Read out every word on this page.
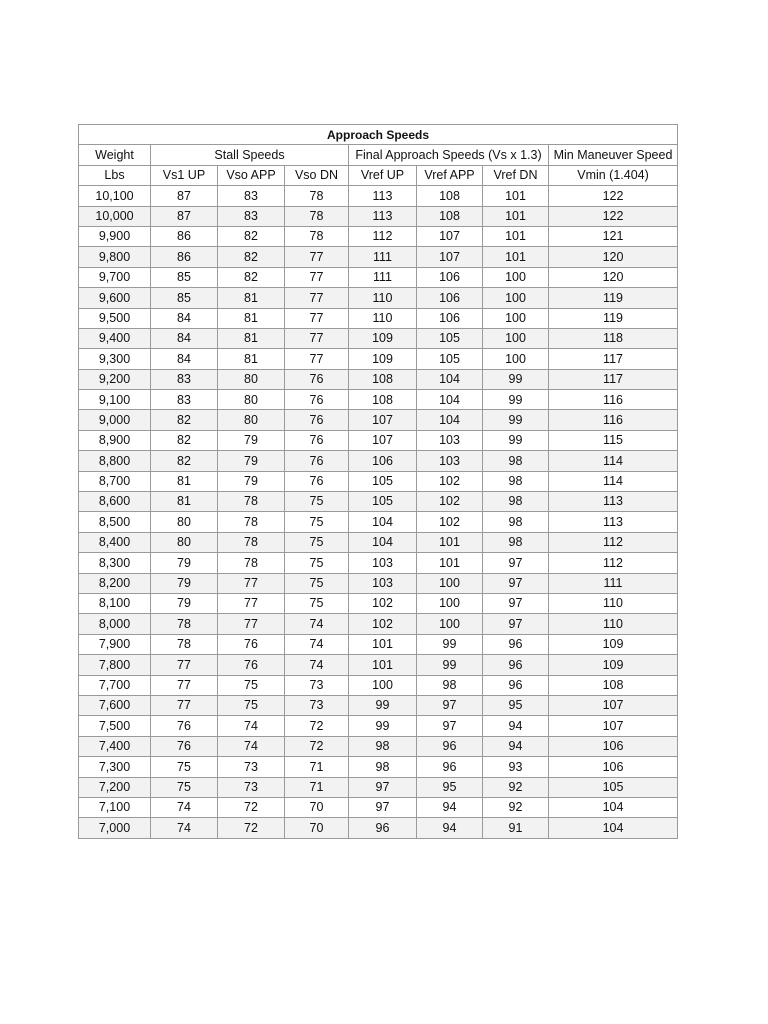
Approach Speeds							
Weight	Stall Speeds			Final Approach Speeds (Vs x 1.3)			Min Maneuver Speed
Lbs	Vs1 UP	Vso APP	Vso DN	Vref UP	Vref APP	Vref DN	Vmin (1.404)
10,100	87	83	78	113	108	101	122
10,000	87	83	78	113	108	101	122
9,900	86	82	78	112	107	101	121
9,800	86	82	77	111	107	101	120
9,700	85	82	77	111	106	100	120
9,600	85	81	77	110	106	100	119
9,500	84	81	77	110	106	100	119
9,400	84	81	77	109	105	100	118
9,300	84	81	77	109	105	100	117
9,200	83	80	76	108	104	99	117
9,100	83	80	76	108	104	99	116
9,000	82	80	76	107	104	99	116
8,900	82	79	76	107	103	99	115
8,800	82	79	76	106	103	98	114
8,700	81	79	76	105	102	98	114
8,600	81	78	75	105	102	98	113
8,500	80	78	75	104	102	98	113
8,400	80	78	75	104	101	98	112
8,300	79	78	75	103	101	97	112
8,200	79	77	75	103	100	97	111
8,100	79	77	75	102	100	97	110
8,000	78	77	74	102	100	97	110
7,900	78	76	74	101	99	96	109
7,800	77	76	74	101	99	96	109
7,700	77	75	73	100	98	96	108
7,600	77	75	73	99	97	95	107
7,500	76	74	72	99	97	94	107
7,400	76	74	72	98	96	94	106
7,300	75	73	71	98	96	93	106
7,200	75	73	71	97	95	92	105
7,100	74	72	70	97	94	92	104
7,000	74	72	70	96	94	91	104
